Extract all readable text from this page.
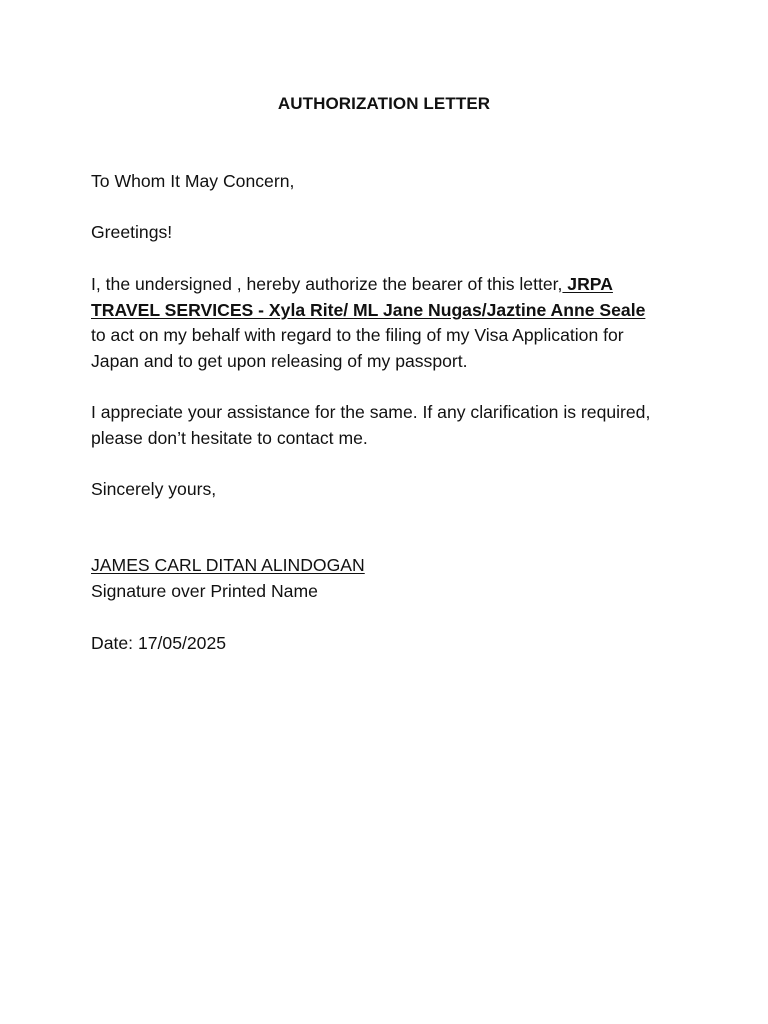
AUTHORIZATION LETTER

To Whom It May Concern,

Greetings!

I, the undersigned , hereby authorize the bearer of this letter, JRPA TRAVEL SERVICES - Xyla Rite/ ML Jane Nugas/Jaztine Anne Seale to act on my behalf with regard to the filing of my Visa Application for Japan and to get upon releasing of my passport.

I appreciate your assistance for the same. If any clarification is required, please don’t hesitate to contact me.

Sincerely yours,

JAMES CARL DITAN ALINDOGAN

Signature over Printed Name

Date: 17/05/2025
